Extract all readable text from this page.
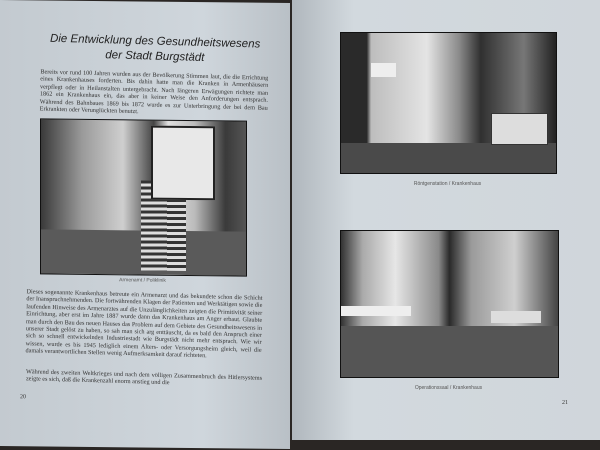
Die Entwicklung des Gesundheitswesens
der Stadt Burgstädt
Bereits vor rund 100 Jahren wurden aus der Bevölkerung Stimmen laut, die die Errichtung eines Krankenhauses forderten. Bis dahin hatte man die Kranken in Armenhäusern verpflegt oder in Heilanstalten untergebracht. Nach längeren Erwägungen richtete man 1862 ein Krankenhaus ein, das aber in keiner Weise den Anforderungen entsprach. Während des Bahnbaues 1869 bis 1872 wurde es zur Unterbringung der bei dem Bau Erkrankten oder Verunglückten benutzt.
Armenamt / Poliklinik
Dieses sogenannte Krankenhaus betreute ein Armenarzt und das bekundete schon die Schicht der Inanspruchnehmenden. Die fortwährenden Klagen der Patienten und Werktätigen sowie die laufenden Hinweise des Armenarztes auf die Unzulänglichkeiten zeigten die Primitivität seiner Einrichtung, aber erst im Jahre 1887 wurde dann das Krankenhaus am Anger erbaut. Glaubte man durch den Bau des neuen Hauses das Problem auf dem Gebiete des Gesundheitswesens in unserer Stadt gelöst zu haben, so sah man sich arg enttäuscht, da es bald den Anspruch einer sich so schnell entwickelnden Industriestadt wie Burgstädt nicht mehr entsprach. Wie wir wissen, wurde es bis 1945 lediglich einem Alters- oder Versorgungsheim gleich, weil die damals verantwortlichen Stellen wenig Aufmerksamkeit darauf richteten.
Während des zweiten Weltkrieges und nach dem völligen Zusammenbruch des Hitlersystems zeigte es sich, daß die Krankenzahl enorm anstieg und die
20
Röntgenstation / Krankenhaus
Operationssaal / Krankenhaus
21
